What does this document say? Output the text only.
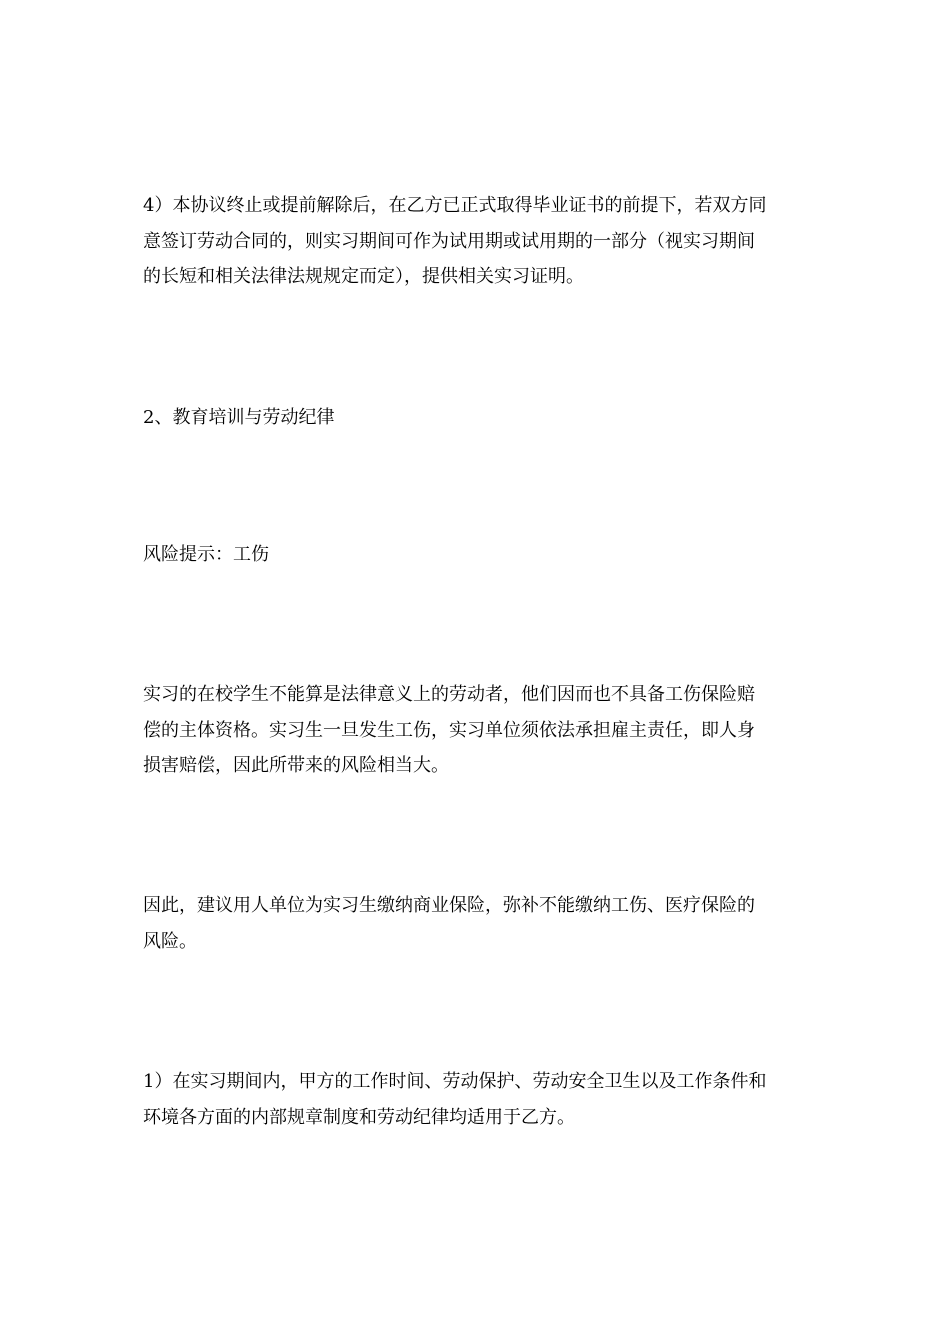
4）本协议终止或提前解除后，在乙方已正式取得毕业证书的前提下，若双方同
意签订劳动合同的，则实习期间可作为试用期或试用期的一部分（视实习期间
的长短和相关法律法规规定而定），提供相关实习证明。

2、教育培训与劳动纪律

风险提示：工伤

实习的在校学生不能算是法律意义上的劳动者，他们因而也不具备工伤保险赔
偿的主体资格。实习生一旦发生工伤，实习单位须依法承担雇主责任，即人身
损害赔偿，因此所带来的风险相当大。

因此，建议用人单位为实习生缴纳商业保险，弥补不能缴纳工伤、医疗保险的
风险。

1）在实习期间内，甲方的工作时间、劳动保护、劳动安全卫生以及工作条件和
环境各方面的内部规章制度和劳动纪律均适用于乙方。
